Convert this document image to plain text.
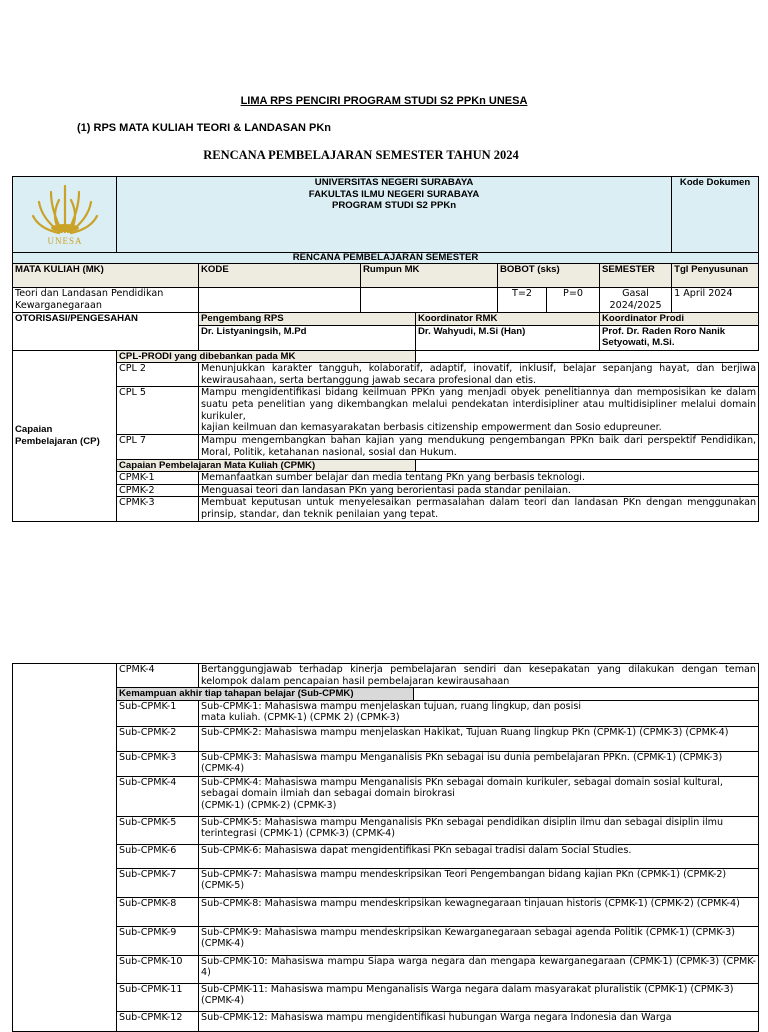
LIMA RPS PENCIRI PROGRAM STUDI S2 PPKn UNESA
(1) RPS MATA KULIAH TEORI & LANDASAN PKn
RENCANA PEMBELAJARAN SEMESTER TAHUN 2024
UNESA	UNIVERSITAS NEGERI SURABAYA
FAKULTAS ILMU NEGERI SURABAYA
PROGRAM STUDI S2 PPKn							Kode Dokumen
RENCANA PEMBELAJARAN SEMESTER								
MATA KULIAH (MK)		KODE	Rumpun MK		BOBOT (sks)		SEMESTER	Tgl Penyusunan
Teori dan Landasan Pendidikan Kewarganegaraan					T=2	P=0	Gasal 2024/2025	1 April 2024
OTORISASI/PENGESAHAN		Pengembang RPS		Koordinator RMK			Koordinator Prodi	
		Dr. Listyaningsih, M.Pd		Dr. Wahyudi, M.Si (Han)			Prof. Dr. Raden Roro Nanik Setyowati, M.Si.	

Capaian Pembelajaran (CP)	CPL-PRODI yang dibebankan pada MK							
	CPL 2	Menunjukkan karakter tangguh, kolaboratif, adaptif, inovatif, inklusif, belajar sepanjang hayat, dan berjiwa kewirausahaan, serta bertanggung jawab secara profesional dan etis.						
	CPL 5	Mampu mengidentifikasi bidang keilmuan PPKn yang menjadi obyek penelitiannya dan memposisikan ke dalam suatu peta penelitian yang dikembangkan melalui pendekatan interdisipliner atau multidisipliner melalui domain kurikuler,
kajian keilmuan dan kemasyarakatan berbasis citizenship empowerment dan Sosio edupreuner.						

	CPL 7	Mampu mengembangkan bahan kajian yang mendukung pengembangan PPKn baik dari perspektif Pendidikan, Moral, Politik, ketahanan nasional, sosial dan Hukum.						
	Capaian Pembelajaran Mata Kuliah (CPMK)							
	CPMK-1	Memanfaatkan sumber belajar dan media tentang PKn yang berbasis teknologi.						
	CPMK-2	Menguasai teori dan landasan PKn yang berorientasi pada standar penilaian.						
	CPMK-3	Membuat keputusan untuk menyelesaikan permasalahan dalam teori dan landasan PKn dengan menggunakan prinsip, standar, dan teknik penilaian yang tepat.						
	CPMK-4	Bertanggungjawab terhadap kinerja pembelajaran sendiri dan kesepakatan yang dilakukan dengan teman kelompok dalam pencapaian hasil pembelajaran kewirausahaan	
	Kemampuan akhir tiap tahapan belajar (Sub-CPMK)		
	Sub-CPMK-1	Sub-CPMK-1: Mahasiswa mampu menjelaskan tujuan, ruang lingkup, dan posisi
mata kuliah. (CPMK-1) (CPMK 2) (CPMK-3)	

	Sub-CPMK-2	Sub-CPMK-2: Mahasiswa mampu menjelaskan Hakikat, Tujuan Ruang lingkup PKn (CPMK-1) (CPMK-3) (CPMK-4)	
	Sub-CPMK-3	Sub-CPMK-3: Mahasiswa mampu Menganalisis PKn sebagai isu dunia pembelajaran PPKn. (CPMK-1) (CPMK-3) (CPMK-4)	
	Sub-CPMK-4	Sub-CPMK-4: Mahasiswa mampu Menganalisis PKn sebagai domain kurikuler, sebagai domain sosial kultural, sebagai domain ilmiah dan sebagai domain birokrasi
(CPMK-1) (CPMK-2) (CPMK-3)	

	Sub-CPMK-5	Sub-CPMK-5: Mahasiswa mampu Menganalisis PKn sebagai pendidikan disiplin ilmu dan sebagai disiplin ilmu terintegrasi (CPMK-1) (CPMK-3) (CPMK-4)	
	Sub-CPMK-6	Sub-CPMK-6: Mahasiswa dapat mengidentifikasi PKn sebagai tradisi dalam Social Studies.	
	Sub-CPMK-7	Sub-CPMK-7: Mahasiswa mampu mendeskripsikan Teori Pengembangan bidang kajian PKn (CPMK-1) (CPMK-2) (CPMK-5)	
	Sub-CPMK-8	Sub-CPMK-8: Mahasiswa mampu mendeskripsikan kewagnegaraan tinjauan historis (CPMK-1) (CPMK-2) (CPMK-4)	
	Sub-CPMK-9	Sub-CPMK-9: Mahasiswa mampu mendeskripsikan Kewarganegaraan sebagai agenda Politik (CPMK-1) (CPMK-3) (CPMK-4)	
	Sub-CPMK-10	Sub-CPMK-10: Mahasiswa mampu Siapa warga negara dan mengapa kewarganegaraan (CPMK-1) (CPMK-3) (CPMK-4)	
	Sub-CPMK-11	Sub-CPMK-11: Mahasiswa mampu Menganalisis Warga negara dalam masyarakat pluralistik (CPMK-1) (CPMK-3) (CPMK-4)	
	Sub-CPMK-12	Sub-CPMK-12: Mahasiswa mampu mengidentifikasi hubungan Warga negara Indonesia dan Warga	
